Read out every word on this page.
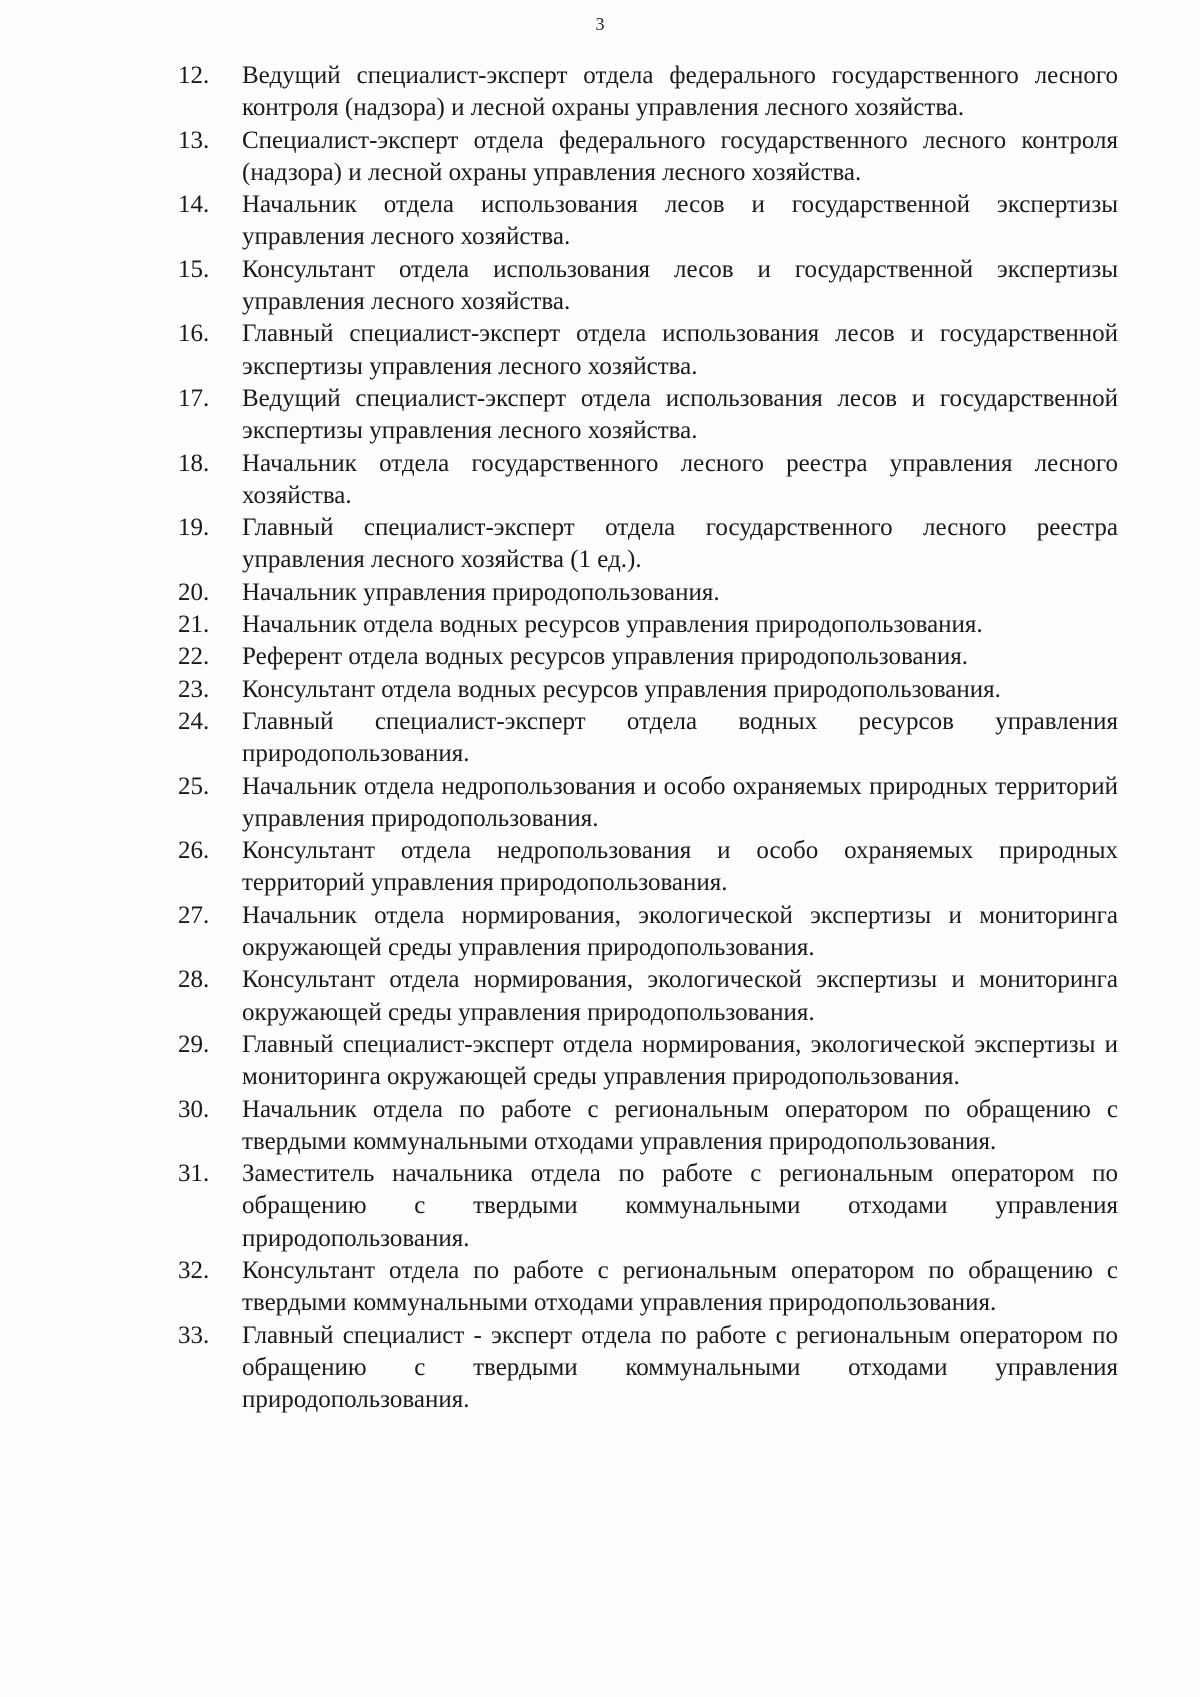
3
12.	Ведущий специалист-эксперт отдела федерального государственного лесного контроля (надзора) и лесной охраны управления лесного хозяйства.
13.	Специалист-эксперт отдела федерального государственного лесного контроля (надзора) и лесной охраны управления лесного хозяйства.
14.	Начальник отдела использования лесов и государственной экспертизы управления лесного хозяйства.
15.	Консультант отдела использования лесов и государственной экспертизы управления лесного хозяйства.
16.	Главный специалист-эксперт отдела использования лесов и государственной экспертизы управления лесного хозяйства.
17.	Ведущий специалист-эксперт отдела использования лесов и государственной экспертизы управления лесного хозяйства.
18.	Начальник отдела государственного лесного реестра управления лесного хозяйства.
19.	Главный специалист-эксперт отдела государственного лесного реестра управления лесного хозяйства (1 ед.).
20.	Начальник управления природопользования.
21.	Начальник отдела водных ресурсов управления природопользования.
22.	Референт отдела водных ресурсов управления природопользования.
23.	Консультант отдела водных ресурсов управления природопользования.
24.	Главный специалист-эксперт отдела водных ресурсов управления природопользования.
25.	Начальник отдела недропользования и особо охраняемых природных территорий управления природопользования.
26.	Консультант отдела недропользования и особо охраняемых природных территорий управления природопользования.
27.	Начальник отдела нормирования, экологической экспертизы и мониторинга окружающей среды управления природопользования.
28.	Консультант отдела нормирования, экологической экспертизы и мониторинга окружающей среды управления природопользования.
29.	Главный специалист-эксперт отдела нормирования, экологической экспертизы и мониторинга окружающей среды управления природопользования.
30.	Начальник отдела по работе с региональным оператором по обращению с твердыми коммунальными отходами управления природопользования.
31.	Заместитель начальника отдела по работе с региональным оператором по обращению с твердыми коммунальными отходами управления природопользования.
32.	Консультант отдела по работе с региональным оператором по обращению с твердыми коммунальными отходами управления природопользования.
33.	Главный специалист - эксперт отдела по работе с региональным оператором по обращению с твердыми коммунальными отходами управления природопользования.
